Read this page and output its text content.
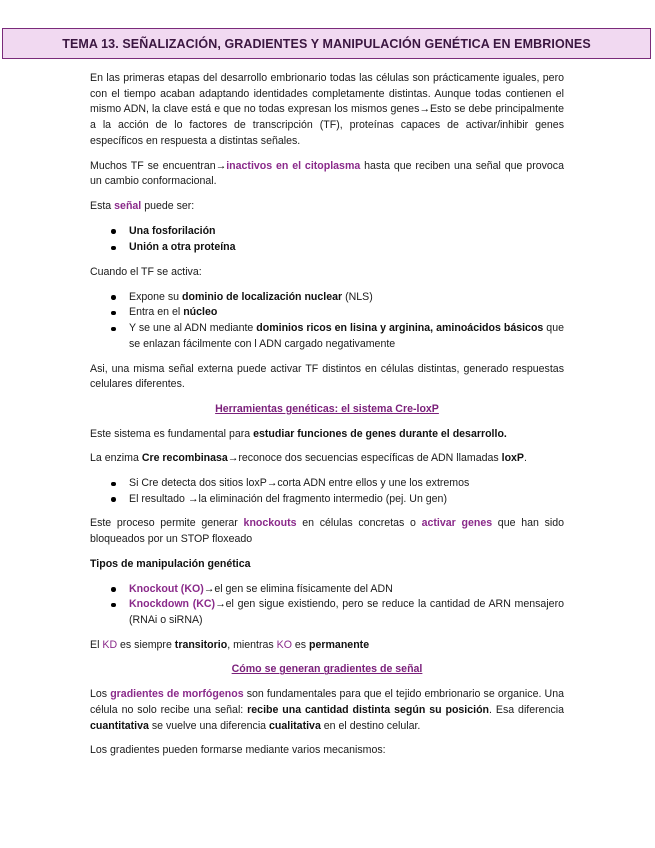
TEMA 13. SEÑALIZACIÓN, GRADIENTES Y MANIPULACIÓN GENÉTICA EN EMBRIONES

En las primeras etapas del desarrollo embrionario todas las células son prácticamente iguales, pero con el tiempo acaban adaptando identidades completamente distintas. Aunque todas contienen el mismo ADN, la clave está e que no todas expresan los mismos genes→Esto se debe principalmente a la acción de lo factores de transcripción (TF), proteínas capaces de activar/inhibir genes específicos en respuesta a distintas señales.

Muchos TF se encuentran→inactivos en el citoplasma hasta que reciben una señal que provoca un cambio conformacional.

Esta señal puede ser:

Una fosforilación
Unión a otra proteína

Cuando el TF se activa:

Expone su dominio de localización nuclear (NLS)
Entra en el núcleo
Y se une al ADN mediante dominios ricos en lisina y arginina, aminoácidos básicos que se enlazan fácilmente con l ADN cargado negativamente

Asi, una misma señal externa puede activar TF distintos en células distintas, generado respuestas celulares diferentes.

Herramientas genéticas: el sistema Cre-loxP

Este sistema es fundamental para estudiar funciones de genes durante el desarrollo.

La enzima Cre recombinasa→reconoce dos secuencias específicas de ADN llamadas loxP.

Si Cre detecta dos sitios loxP→corta ADN entre ellos y une los extremos
El resultado →la eliminación del fragmento intermedio (pej. Un gen)

Este proceso permite generar knockouts en células concretas o activar genes que han sido bloqueados por un STOP floxeado

Tipos de manipulación genética

Knockout (KO)→el gen se elimina físicamente del ADN
Knockdown (KC)→el gen sigue existiendo, pero se reduce la cantidad de ARN mensajero (RNAi o siRNA)

El KD es siempre transitorio, mientras KO es permanente

Cómo se generan gradientes de señal

Los gradientes de morfógenos son fundamentales para que el tejido embrionario se organice. Una célula no solo recibe una señal: recibe una cantidad distinta según su posición. Esa diferencia cuantitativa se vuelve una diferencia cualitativa en el destino celular.

Los gradientes pueden formarse mediante varios mecanismos:
